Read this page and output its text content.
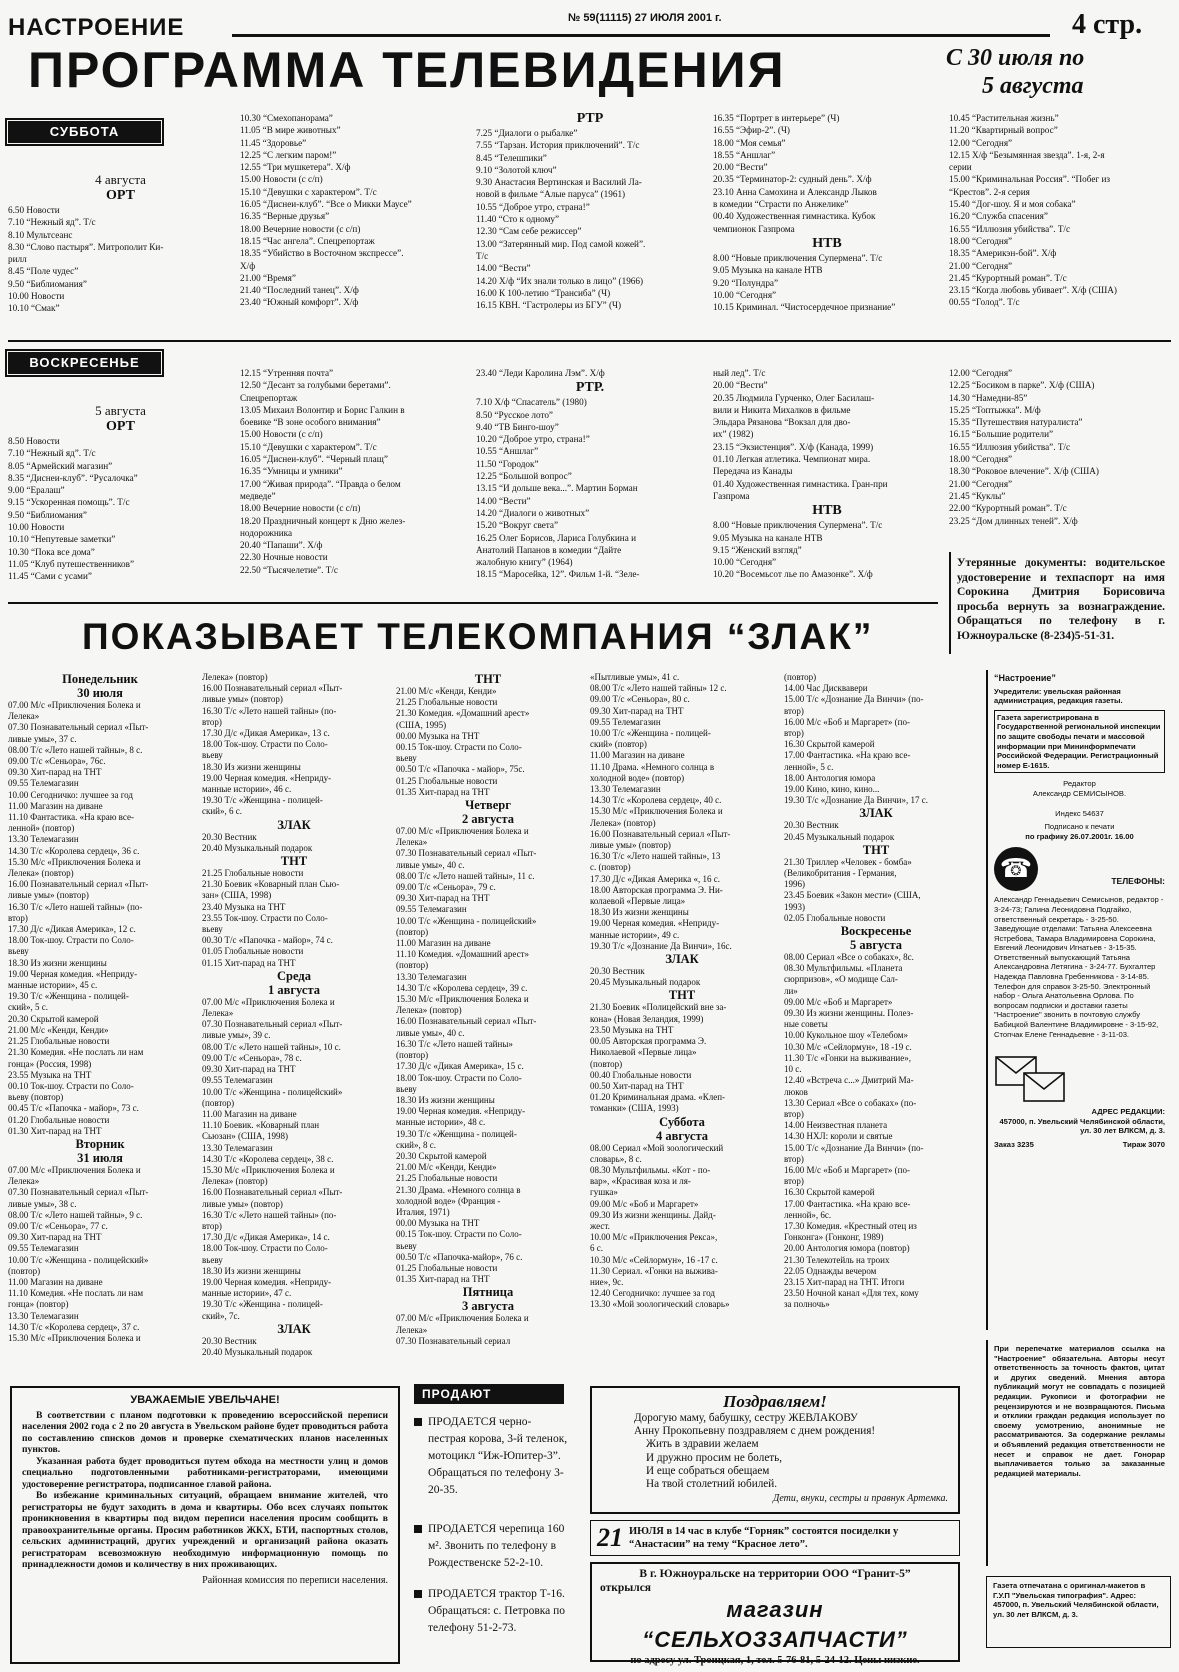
НАСТРОЕНИЕ	№ 59(11115) 27 ИЮЛЯ 2001 г.	4 стр.
ПРОГРАММА ТЕЛЕВИДЕНИЯ	С 30 июля по
5 августа
СУББОТА
4 августа
ОРТ
6.50 Новости
7.10 “Нежный яд”. Т/с
8.10 Мультсеанс
8.30 “Слово пастыря”. Митрополит Ки-
рилл
8.45 “Поле чудес”
9.50 “Библиомания”
10.00 Новости
10.10 “Смак”
10.30 “Смехопанорама”
11.05 “В мире животных”
11.45 “Здоровье”
12.25 “С легким паром!”
12.55 “Три мушкетера”. Х/ф
15.00 Новости (с с/п)
15.10 “Девушки с характером”. Т/с
16.05 “Диснеи-клуб”. “Все о Микки Маусе”
16.35 “Верные друзья”
18.00 Вечерние новости (с с/п)
18.15 “Час ангела”. Спецрепортаж
18.35 “Убийство в Восточном экспрессе”.
Х/ф
21.00 “Время”
21.40 “Последний танец”. Х/ф
23.40 “Южный комфорт”. Х/ф
РТР
7.25 “Диалоги о рыбалке”
7.55 “Тарзан. История приключений”. Т/с
8.45 “Телешпики”
9.10 “Золотой ключ”
9.30 Анастасия Вертинская и Василий Ла-
новой в фильме “Алые паруса” (1961)
10.55 “Доброе утро, страна!”
11.40 “Сто к одному”
12.30 “Сам себе режиссер”
13.00 “Затерянный мир. Под самой кожей”.
Т/с
14.00 “Вести”
14.20 Х/ф “Их знали только в лицо” (1966)
16.00 К 100-летию “Трансиба” (Ч)
16.15 КВН. “Гастролеры из БГУ” (Ч)
16.35 “Портрет в интерьере” (Ч)
16.55 “Эфир-2”. (Ч)
18.00 “Моя семья”
18.55 “Аншлаг”
20.00 “Вести”
20.35 “Терминатор-2: судный день”. Х/ф
23.10 Анна Самохина и Александр Лыков
в комедии “Страсти по Анжелике”
00.40 Художественная гимнастика. Кубок
чемпионок Газпрома
НТВ
8.00 “Новые приключения Супермена”. Т/с
9.05 Музыка на канале НТВ
9.20 “Полундра”
10.00 “Сегодня”
10.15 Криминал. “Чистосердечное признание”
10.45 “Растительная жизнь”
11.20 “Квартирный вопрос”
12.00 “Сегодня”
12.15 Х/ф “Безымянная звезда”. 1-я, 2-я
серии
15.00 “Криминальная Россия”. “Побег из
“Крестов”. 2-я серия
15.40 “Дог-шоу. Я и моя собака”
16.20 “Служба спасения”
16.55 “Иллюзия убийства”. Т/с
18.00 “Сегодня”
18.35 “Америкэн-бой”. Х/ф
21.00 “Сегодня”
21.45 “Курортный роман”. Т/с
23.15 “Когда любовь убивает”. Х/ф (США)
00.55 “Голод”. Т/с
ВОСКРЕСЕНЬЕ
5 августа
ОРТ
8.50 Новости
7.10 “Нежный яд”. Т/с
8.05 “Армейский магазин”
8.35 “Диснеи-клуб”. “Русалочка”
9.00 “Ералаш”
9.15 “Ускоренная помощь”. Т/с
9.50 “Библиомания”
10.00 Новости
10.10 “Непутевые заметки”
10.30 “Пока все дома”
11.05 “Клуб путешественников”
11.45 “Сами с усами”
12.15 “Утренняя почта”
12.50 “Десант за голубыми беретами”.
Спецрепортаж
13.05 Михаил Волонтир и Борис Галкин в
боевике “В зоне особого внимания”
15.00 Новости (с с/п)
15.10 “Девушки с характером”. Т/с
16.05 “Диснеи-клуб”. “Черный плащ”
16.35 “Умницы и умники”
17.00 “Живая природа”. “Правда о белом
медведе”
18.00 Вечерние новости (с с/п)
18.20 Праздничный концерт к Дню желез-
нодорожника
20.40 “Папаши”. Х/ф
22.30 Ночные новости
22.50 “Тысячелетие”. Т/с
23.40 “Леди Каролина Лэм”. Х/ф
РТР.
7.10 Х/ф “Спасатель” (1980)
8.50 “Русское лото”
9.40 “ТВ Бинго-шоу”
10.20 “Доброе утро, страна!”
10.55 “Аншлаг”
11.50 “Городок”
12.25 “Большой вопрос”
13.15 “И дольше века...”. Мартин Борман
14.00 “Вести”
14.20 “Диалоги о животных”
15.20 “Вокруг света”
16.25 Олег Борисов, Лариса Голубкина и
Анатолий Папанов в комедии “Дайте
жалобную книгу” (1964)
18.15 “Маросейка, 12”. Фильм 1-й. “Зеле-
ный лед”. Т/с
20.00 “Вести”
20.35 Людмила Гурченко, Олег Басилаш-
вили и Никита Михалков в фильме
Эльдара Рязанова “Вокзал для дво-
их” (1982)
23.15 “Экзистенция”. Х/ф (Канада, 1999)
01.10 Легкая атлетика. Чемпионат мира.
Передача из Канады
01.40 Художественная гимнастика. Гран-при
Газпрома
НТВ
8.00 “Новые приключения Супермена”. Т/с
9.05 Музыка на канале НТВ
9.15 “Женский взгляд”
10.00 “Сегодня”
10.20 “Восемьсот лье по Амазонке”. Х/ф
12.00 “Сегодня”
12.25 “Босиком в парке”. Х/ф (США)
14.30 “Намедни-85”
15.25 “Топтыжка”. М/ф
15.35 “Путешествия натуралиста”
16.15 “Большие родители”
16.55 “Иллюзия убийства”. Т/с
18.00 “Сегодня”
18.30 “Роковое влечение”. Х/ф (США)
21.00 “Сегодня”
21.45 “Куклы”
22.00 “Курортный роман”. Т/с
23.25 “Дом длинных теней”. Х/ф
Утерянные документы: водительское удостоверение и техпаспорт на имя Сорокина Дмитрия Борисовича просьба вернуть за вознаграждение. Обращаться по телефону в г. Южноуральске (8-234)5-51-31.
ПОКАЗЫВАЕТ ТЕЛЕКОМПАНИЯ “ЗЛАК”
Понедельник
30 июля
07.00 М/с «Приключения Болека и
Лелека»
07.30 Познавательный сериал «Пыт-
ливые умы», 37 с.
08.00 Т/с «Лето нашей тайны», 8 с.
09.00 Т/с «Сеньора», 76с.
09.30 Хит-парад на ТНТ
09.55 Телемагазин
10.00 Сегодничко: лучшее за год
11.00 Магазин на диване
11.10 Фантастика. «На краю все-
ленной» (повтор)
13.30 Телемагазин
14.30 Т/с «Королева сердец», 36 с.
15.30 М/с «Приключения Болека и
Лелека» (повтор)
16.00 Познавательный сериал «Пыт-
ливые умы» (повтор)
16.30 Т/с «Лето нашей тайны» (по-
втор)
17.30 Д/с «Дикая Америка», 12 с.
18.00 Ток-шоу. Страсти по Соло-
вьеву
18.30 Из жизни женщины
19.00 Черная комедия. «Неприду-
манные истории», 45 с.
19.30 Т/с «Женщина - полицей-
ский», 5 с.
20.30 Скрытой камерой
21.00 М/с «Кенди, Кенди»
21.25 Глобальные новости
21.30 Комедия. «Не послать ли нам
гонца» (Россия, 1998)
23.55 Музыка на ТНТ
00.10 Ток-шоу. Страсти по Соло-
вьеву (повтор)
00.45 Т/с «Папочка - майор», 73 с.
01.20 Глобальные новости
01.30 Хит-парад на ТНТ
Вторник
31 июля
07.00 М/с «Приключения Болека и
Лелека»
07.30 Познавательный сериал «Пыт-
ливые умы», 38 с.
08.00 Т/с «Лето нашей тайны», 9 с.
09.00 Т/с «Сеньора», 77 с.
09.30 Хит-парад на ТНТ
09.55 Телемагазин
10.00 Т/с «Женщина - полицейский»
(повтор)
11.00 Магазин на диване
11.10 Комедия. «Не послать ли нам
гонца» (повтор)
13.30 Телемагазин
14.30 Т/с «Королева сердец», 37 с.
15.30 М/с «Приключения Болека и
Лелека» (повтор)
16.00 Познавательный сериал «Пыт-
ливые умы» (повтор)
16.30 Т/с «Лето нашей тайны» (по-
втор)
17.30 Д/с «Дикая Америка», 13 с.
18.00 Ток-шоу. Страсти по Соло-
вьеву
18.30 Из жизни женщины
19.00 Черная комедия. «Неприду-
манные истории», 46 с.
19.30 Т/с «Женщина - полицей-
ский», 6 с.
ЗЛАК
20.30 Вестник
20.40 Музыкальный подарок
ТНТ
21.25 Глобальные новости
21.30 Боевик «Коварный план Сью-
зан» (США, 1998)
23.40 Музыка на ТНТ
23.55 Ток-шоу. Страсти по Соло-
вьеву
00.30 Т/с «Папочка - майор», 74 с.
01.05 Глобальные новости
01.15 Хит-парад на ТНТ
Среда
1 августа
07.00 М/с «Приключения Болека и
Лелека»
07.30 Познавательный сериал «Пыт-
ливые умы», 39 с.
08.00 Т/с «Лето нашей тайны», 10 с.
09.00 Т/с «Сеньора», 78 с.
09.30 Хит-парад на ТНТ
09.55 Телемагазин
10.00 Т/с «Женщина - полицейский»
(повтор)
11.00 Магазин на диване
11.10 Боевик. «Коварный план
Сьюзан» (США, 1998)
13.30 Телемагазин
14.30 Т/с «Королева сердец», 38 с.
15.30 М/с «Приключения Болека и
Лелека» (повтор)
16.00 Познавательный сериал «Пыт-
ливые умы» (повтор)
16.30 Т/с «Лето нашей тайны» (по-
втор)
17.30 Д/с «Дикая Америка», 14 с.
18.00 Ток-шоу. Страсти по Соло-
вьеву
18.30 Из жизни женщины
19.00 Черная комедия. «Неприду-
манные истории», 47 с.
19.30 Т/с «Женщина - полицей-
ский», 7с.
ЗЛАК
20.30 Вестник
20.40 Музыкальный подарок
ТНТ
21.00 М/с «Кенди, Кенди»
21.25 Глобальные новости
21.30 Комедия. «Домашний арест»
(США, 1995)
00.00 Музыка на ТНТ
00.15 Ток-шоу. Страсти по Соло-
вьеву
00.50 Т/с «Папочка - майор», 75с.
01.25 Глобальные новости
01.35 Хит-парад на ТНТ
Четверг
2 августа
07.00 М/с «Приключения Болека и
Лелека»
07.30 Познавательный сериал «Пыт-
ливые умы», 40 с.
08.00 Т/с «Лето нашей тайны», 11 с.
09.00 Т/с «Сеньора», 79 с.
09.30 Хит-парад на ТНТ
09.55 Телемагазин
10.00 Т/с «Женщина - полицейский»
(повтор)
11.00 Магазин на диване
11.10 Комедия. «Домашний арест»
(повтор)
13.30 Телемагазин
14.30 Т/с «Королева сердец», 39 с.
15.30 М/с «Приключения Болека и
Лелека» (повтор)
16.00 Познавательный сериал «Пыт-
ливые умы», 40 с.
16.30 Т/с «Лето нашей тайны»
(повтор)
17.30 Д/с «Дикая Америка», 15 с.
18.00 Ток-шоу. Страсти по Соло-
вьеву
18.30 Из жизни женщины
19.00 Черная комедия. «Неприду-
манные истории», 48 с.
19.30 Т/с «Женщина - полицей-
ский», 8 с.
20.30 Скрытой камерой
21.00 М/с «Кенди, Кенди»
21.25 Глобальные новости
21.30 Драма. «Немного солнца в
холодной воде» (Франция -
Италия, 1971)
00.00 Музыка на ТНТ
00.15 Ток-шоу. Страсти по Соло-
вьеву
00.50 Т/с «Папочка-майор», 76 с.
01.25 Глобальные новости
01.35 Хит-парад на ТНТ
Пятница
3 августа
07.00 М/с «Приключения Болека и
Лелека»
07.30 Познавательный сериал
«Пытливые умы», 41 с.
08.00 Т/с «Лето нашей тайны» 12 с.
09.00 Т/с «Сеньора», 80 с.
09.30 Хит-парад на ТНТ
09.55 Телемагазин
10.00 Т/с «Женщина - полицей-
ский» (повтор)
11.00 Магазин на диване
11.10 Драма. «Немного солнца в
холодной воде» (повтор)
13.30 Телемагазин
14.30 Т/с «Королева сердец», 40 с.
15.30 М/с «Приключения Болека и
Лелека» (повтор)
16.00 Познавательный сериал «Пыт-
ливые умы» (повтор)
16.30 Т/с «Лето нашей тайны», 13
с. (повтор)
17.30 Д/с «Дикая Америка «, 16 с.
18.00 Авторская программа Э. Ни-
колаевой «Первые лица»
18.30 Из жизни женщины
19.00 Черная комедия. «Неприду-
манные истории», 49 с.
19.30 Т/с «Дознание Да Винчи», 16с.
ЗЛАК
20.30 Вестник
20.45 Музыкальный подарок
ТНТ
21.30 Боевик «Полицейский вне за-
кона» (Новая Зеландия, 1999)
23.50 Музыка на ТНТ
00.05 Авторская программа Э.
Николаевой «Первые лица»
(повтор)
00.40 Глобальные новости
00.50 Хит-парад на ТНТ
01.20 Криминальная драма. «Клеп-
томанки» (США, 1993)
Суббота
4 августа
08.00 Сериал «Мой зоологический
словарь», 8 с.
08.30 Мультфильмы. «Кот - по-
вар», «Красивая коза и ля-
гушка»
09.00 М/с «Боб и Маргарет»
09.30 Из жизни женщины. Дайд-
жест.
10.00 М/с «Приключения Рекса»,
6 с.
10.30 М/с «Сейлормун», 16 -17 с.
11.30 Сериал. «Гонки на выжива-
ние», 9с.
12.40 Сегодничко: лучшее за год
13.30 «Мой зоологический словарь»
(повтор)
14.00 Час Дисквавери
15.00 Т/с «Дознание Да Винчи» (по-
втор)
16.00 М/с «Боб и Маргарет» (по-
втор)
16.30 Скрытой камерой
17.00 Фантастика. «На краю все-
ленной», 5 с.
18.00 Антология юмора
19.00 Кино, кино, кино...
19.30 Т/с «Дознание Да Винчи», 17 с.
ЗЛАК
20.30 Вестник
20.45 Музыкальный подарок
ТНТ
21.30 Триллер «Человек - бомба»
(Великобритания - Германия,
1996)
23.45 Боевик «Закон мести» (США,
1993)
02.05 Глобальные новости
Воскресенье
5 августа
08.00 Сериал «Все о собаках», 8с.
08.30 Мультфильмы. «Планета
сюрпризов», «О модище Сал-
ли»
09.00 М/с «Боб и Маргарет»
09.30 Из жизни женщины. Полез-
ные советы
10.00 Кукольное шоу «Телебом»
10.30 М/с «Сейлормун», 18 -19 с.
11.30 Т/с «Гонки на выживание»,
10 с.
12.40 «Встреча с...» Дмитрий Ма-
люков
13.30 Сериал «Все о собаках» (по-
втор)
14.00 Неизвестная планета
14.30 НХЛ: короли и святые
15.00 Т/с «Дознание Да Винчи» (по-
втор)
16.00 М/с «Боб и Маргарет» (по-
втор)
16.30 Скрытой камерой
17.00 Фантастика. «На краю все-
ленной», 6с.
17.30 Комедия. «Крестный отец из
Гонконга» (Гонконг, 1989)
20.00 Антология юмора (повтор)
21.30 Телекотейль на троих
22.05 Однажды вечером
23.15 Хит-парад на ТНТ. Итоги
23.50 Ночной канал «Для тех, кому
за полночь»
“Настроение”
Учредители: увельская районная администрация, редакция газеты.
Газета зарегистрирована в Государственной региональной инспекции по защите свободы печати и массовой информации при Мининформпечати Российской Федерации. Регистрационный номер Е-1615.
Редактор
Александр СЕМИСЫНОВ.
Индекс 54637
Подписано к печати
по графику 26.07.2001г. 16.00
☎	ТЕЛЕФОНЫ:
Александр Геннадьевич Семисынов, редактор - 3-24-73; Галина Леонидовна Подгайко, ответственный секретарь - 3-25-50. Заведующие отделами: Татьяна Алексеевна Ястребова, Тамара Владимировна Сорокина, Евгений Леонидович Игнатьев - 3-15-35. Ответственный выпускающий Татьяна Александровна Летягина - 3-24-77. Бухгалтер Надежда Павловна Гребенникова - 3-14-85. Телефон для справок 3-25-50. Электронный набор - Ольга Анатольевна Орлова. По вопросам подписки и доставки газеты "Настроение" звонить в почтовую службу Бабицкой Валентине Владимировне - 3-15-92, Стопчак Елене Геннадьевне - 3-11-03.
АДРЕС РЕДАКЦИИ:
457000, п. Увельский Челябинской области, ул. 30 лет ВЛКСМ, д. 3.
Заказ 3235	Тираж 3070
При перепечатке материалов ссылка на "Настроение" обязательна. Авторы несут ответственность за точность фактов, цитат и других сведений. Мнения автора публикаций могут не совпадать с позицией редакции. Рукописи и фотографии не рецензируются и не возвращаются. Письма и отклики граждан редакция использует по своему усмотрению, анонимные не рассматриваются. За содержание рекламы и объявлений редакция ответственности не несет и справок не дает. Гонорар выплачивается только за заказанные редакцией материалы.
Газета отпечатана с оригинал-макетов в Г.У.П "Увельская типография". Адрес: 457000, п. Увельский Челябинской области, ул. 30 лет ВЛКСМ, д. 3.
УВАЖАЕМЫЕ УВЕЛЬЧАНЕ!
В соответствии с планом подготовки к проведению всероссийской переписи населения 2002 года с 2 по 20 августа в Увельском районе будет проводиться работа по составлению списков домов и проверке схематических планов населенных пунктов.
Указанная работа будет проводиться путем обхода на местности улиц и домов специально подготовленными работниками-регистраторами, имеющими удостоверение регистратора, подписанное главой района.
Во избежание криминальных ситуаций, обращаем внимание жителей, что регистраторы не будут заходить в дома и квартиры. Обо всех случаях попыток проникновения в квартиры под видом переписи населения просим сообщить в правоохранительные органы. Просим работников ЖКХ, БТИ, паспортных столов, сельских администраций, других учреждений и организаций района оказать регистраторам всевозможную необходимую информационную помощь по принадлежности домов и количеству в них проживающих.
Районная комиссия по переписи населения.
ПРОДАЮТ
ПРОДАЕТСЯ черно-пестрая корова, 3-й теленок, мотоцикл “Иж-Юпитер-3”. Обращаться по телефону 3-20-35.
ПРОДАЕТСЯ черепица 160 м². Звонить по телефону в Рождественске 52-2-10.
ПРОДАЕТСЯ трактор Т-16. Обращаться: с. Петровка по телефону 51-2-73.
Поздравляем!
Дорогую маму, бабушку, сестру ЖЕВЛАКОВУ
Анну Прокопьевну поздравляем с днем рождения!
Жить в здравии желаем
И дружно просим не болеть,
И еще собраться обещаем
На твой столетний юбилей.
Дети, внуки, сестры и правнук Артемка.
21 ИЮЛЯ в 14 час в клубе “Горняк” состоятся посиделки у
“Анастасии” на тему “Красное лето”.
В г. Южноуральске на территории ООО “Гранит-5”
открылся
магазин “СЕЛЬХОЗЗАПЧАСТИ”
по адресу ул. Троицкая, 1, тел. 5-76-81, 5-24-12. Цены низкие.
